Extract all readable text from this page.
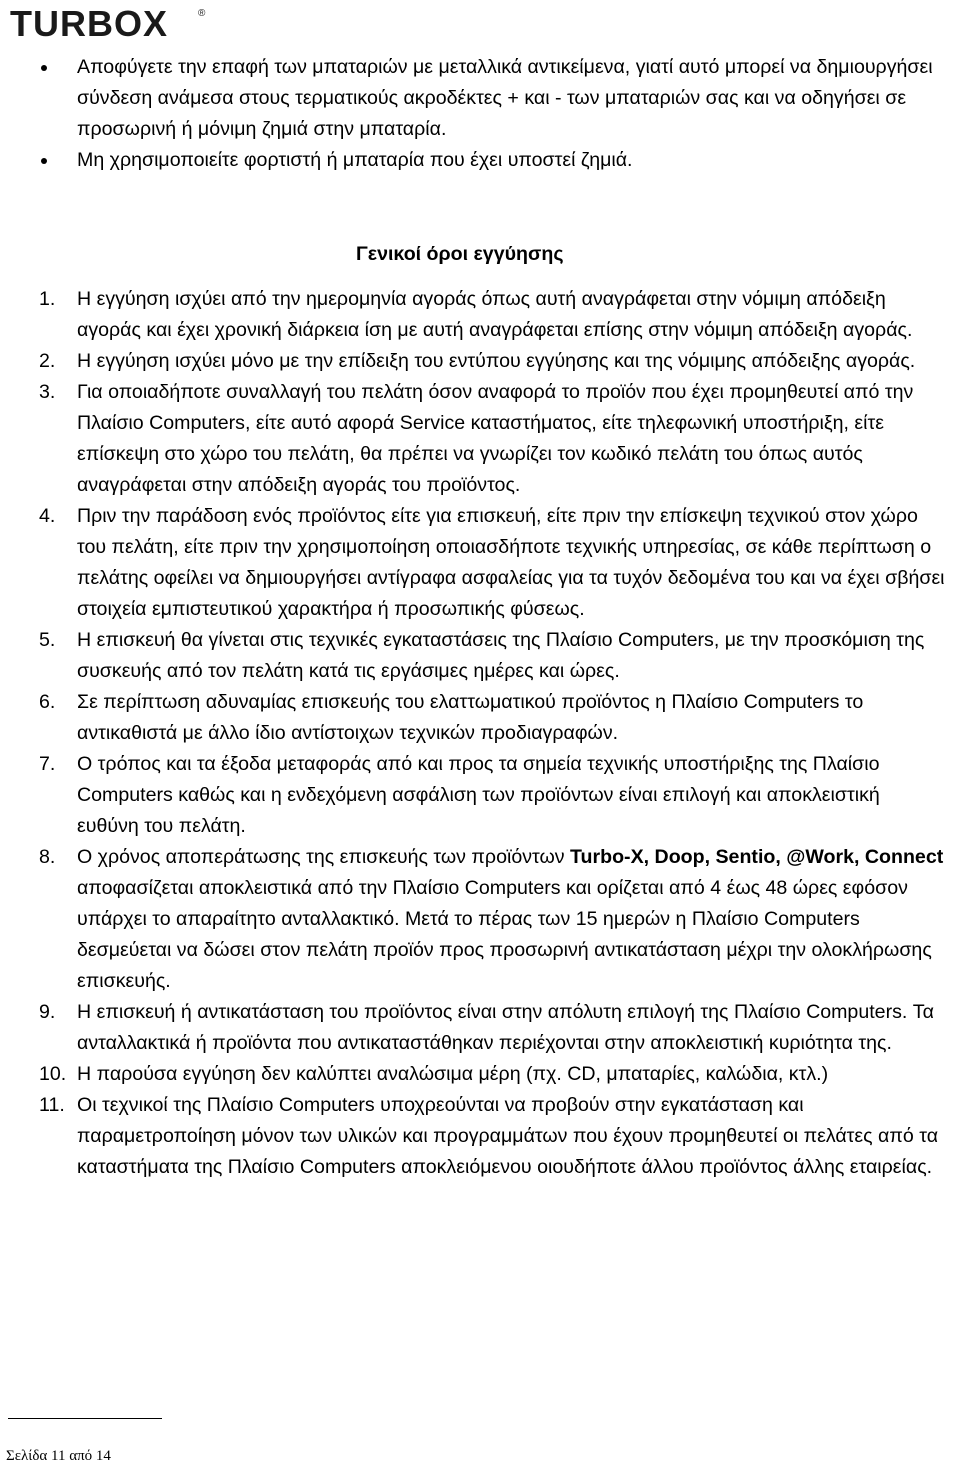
TURBOX	®
Αποφύγετε την επαφή των μπαταριών με μεταλλικά αντικείμενα, γιατί αυτό μπορεί να δημιουργήσει σύνδεση ανάμεσα στους τερματικούς ακροδέκτες + και - των μπαταριών σας και να οδηγήσει σε προσωρινή ή μόνιμη ζημιά στην μπαταρία.
Μη χρησιμοποιείτε φορτιστή ή μπαταρία που έχει υποστεί ζημιά.
Γενικοί όροι εγγύησης
1. Η εγγύηση ισχύει από την ημερομηνία αγοράς όπως αυτή αναγράφεται στην νόμιμη απόδειξη αγοράς και έχει χρονική διάρκεια ίση με αυτή αναγράφεται επίσης στην νόμιμη απόδειξη αγοράς.
2. Η εγγύηση ισχύει μόνο με την επίδειξη του εντύπου εγγύησης και της νόμιμης απόδειξης αγοράς.
3. Για οποιαδήποτε συναλλαγή του πελάτη όσον αναφορά το προϊόν που έχει προμηθευτεί από την Πλαίσιο Computers, είτε αυτό αφορά Service καταστήματος, είτε τηλεφωνική υποστήριξη, είτε επίσκεψη στο χώρο του πελάτη, θα πρέπει να γνωρίζει τον κωδικό πελάτη του όπως αυτός αναγράφεται στην απόδειξη αγοράς του προϊόντος.
4. Πριν την παράδοση ενός προϊόντος είτε για επισκευή, είτε πριν την επίσκεψη τεχνικού στον χώρο του πελάτη, είτε πριν την χρησιμοποίηση οποιασδήποτε τεχνικής υπηρεσίας, σε κάθε περίπτωση ο πελάτης οφείλει να δημιουργήσει αντίγραφα ασφαλείας για τα τυχόν δεδομένα του και να έχει σβήσει στοιχεία εμπιστευτικού χαρακτήρα ή προσωπικής φύσεως.
5. Η επισκευή θα γίνεται στις τεχνικές εγκαταστάσεις της Πλαίσιο Computers, με την προσκόμιση της συσκευής από τον πελάτη κατά τις εργάσιμες ημέρες και ώρες.
6. Σε περίπτωση αδυναμίας επισκευής του ελαττωματικού προϊόντος η Πλαίσιο Computers το αντικαθιστά με άλλο ίδιο αντίστοιχων τεχνικών προδιαγραφών.
7. Ο τρόπος και τα έξοδα μεταφοράς από και προς τα σημεία τεχνικής υποστήριξης της Πλαίσιο Computers καθώς και η ενδεχόμενη ασφάλιση των προϊόντων είναι επιλογή και αποκλειστική ευθύνη του πελάτη.
8. Ο χρόνος αποπεράτωσης της επισκευής των προϊόντων Turbo-X, Doop, Sentio, @Work, Connect αποφασίζεται αποκλειστικά από την Πλαίσιο Computers και ορίζεται από 4 έως 48 ώρες εφόσον υπάρχει το απαραίτητο ανταλλακτικό. Μετά το πέρας των 15 ημερών η Πλαίσιο Computers δεσμεύεται να δώσει στον πελάτη προϊόν προς προσωρινή αντικατάσταση μέχρι την ολοκλήρωσης επισκευής.
9. Η επισκευή ή αντικατάσταση του προϊόντος είναι στην απόλυτη επιλογή της Πλαίσιο Computers. Τα ανταλλακτικά ή προϊόντα που αντικαταστάθηκαν περιέχονται στην αποκλειστική κυριότητα της.
10. Η παρούσα εγγύηση δεν καλύπτει αναλώσιμα μέρη (πχ. CD, μπαταρίες, καλώδια, κτλ.)
11. Οι τεχνικοί της Πλαίσιο Computers υποχρεούνται να προβούν στην εγκατάσταση και παραμετροποίηση μόνον των υλικών και προγραμμάτων που έχουν προμηθευτεί οι πελάτες από τα καταστήματα της Πλαίσιο Computers αποκλειόμενου οιουδήποτε άλλου προϊόντος άλλης εταιρείας.
Σελίδα 11 από 14
